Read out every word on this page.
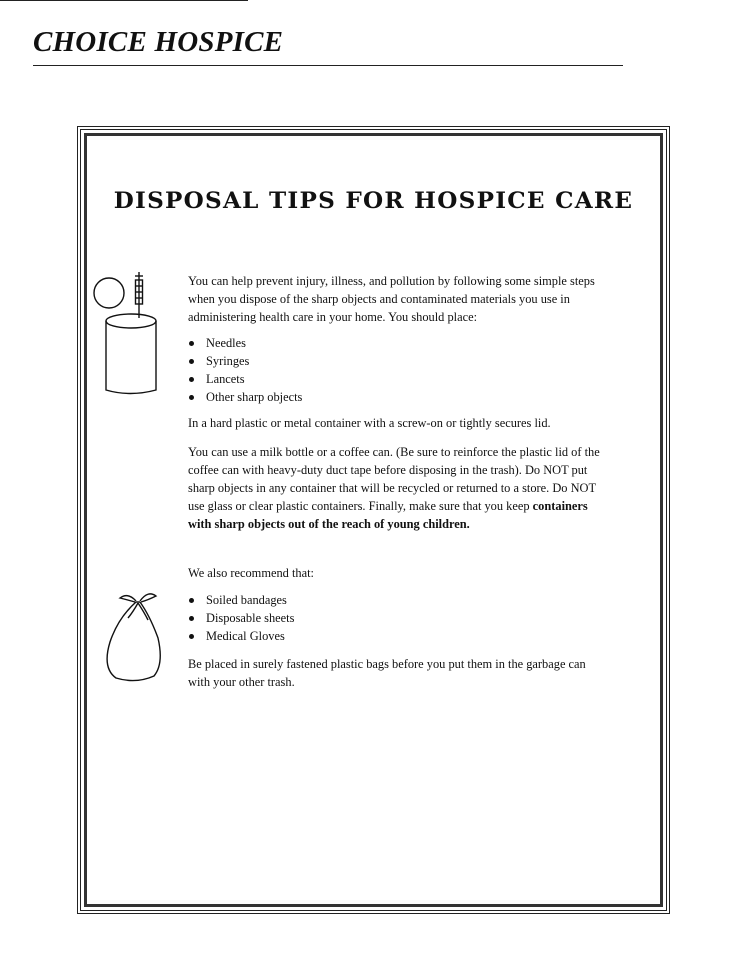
CHOICE HOSPICE
DISPOSAL TIPS FOR HOSPICE CARE

You can help prevent injury, illness, and pollution by following some simple steps when you dispose of the sharp objects and contaminated materials you use in administering health care in your home. You should place:

Needles
Syringes
Lancets
Other sharp objects

In a hard plastic or metal container with a screw-on or tightly secures lid.

You can use a milk bottle or a coffee can. (Be sure to reinforce the plastic lid of the coffee can with heavy-duty duct tape before disposing in the trash). Do NOT put sharp objects in any container that will be recycled or returned to a store. Do NOT use glass or clear plastic containers. Finally, make sure that you keep containers with sharp objects out of the reach of young children.

We also recommend that:

Soiled bandages
Disposable sheets
Medical Gloves

Be placed in surely fastened plastic bags before you put them in the garbage can with your other trash.
